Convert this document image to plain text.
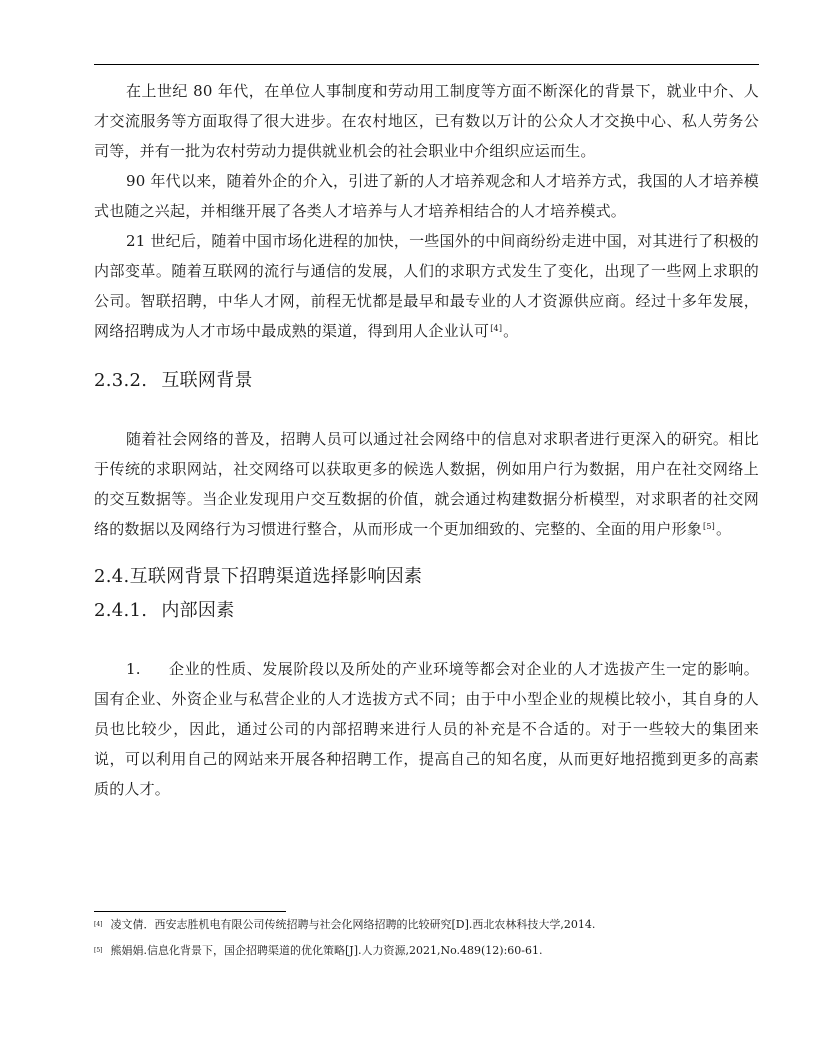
在上世纪 80 年代，在单位人事制度和劳动用工制度等方面不断深化的背景下，就业中介、人才交流服务等方面取得了很大进步。在农村地区，已有数以万计的公众人才交换中心、私人劳务公司等，并有一批为农村劳动力提供就业机会的社会职业中介组织应运而生。

90 年代以来，随着外企的介入，引进了新的人才培养观念和人才培养方式，我国的人才培养模式也随之兴起，并相继开展了各类人才培养与人才培养相结合的人才培养模式。

21 世纪后，随着中国市场化进程的加快，一些国外的中间商纷纷走进中国，对其进行了积极的内部变革。随着互联网的流行与通信的发展，人们的求职方式发生了变化，出现了一些网上求职的公司。智联招聘，中华人才网，前程无忧都是最早和最专业的人才资源供应商。经过十多年发展，网络招聘成为人才市场中最成熟的渠道，得到用人企业认可[4]。

2.3.2. 互联网背景

随着社会网络的普及，招聘人员可以通过社会网络中的信息对求职者进行更深入的研究。相比于传统的求职网站，社交网络可以获取更多的候选人数据，例如用户行为数据，用户在社交网络上的交互数据等。当企业发现用户交互数据的价值，就会通过构建数据分析模型，对求职者的社交网络的数据以及网络行为习惯进行整合，从而形成一个更加细致的、完整的、全面的用户形象[5]。

2.4.互联网背景下招聘渠道选择影响因素
2.4.1. 内部因素

1. 企业的性质、发展阶段以及所处的产业环境等都会对企业的人才选拔产生一定的影响。国有企业、外资企业与私营企业的人才选拔方式不同；由于中小型企业的规模比较小，其自身的人员也比较少，因此，通过公司的内部招聘来进行人员的补充是不合适的。对于一些较大的集团来说，可以利用自己的网站来开展各种招聘工作，提高自己的知名度，从而更好地招揽到更多的高素质的人才。

[4] 凌文倩．西安志胜机电有限公司传统招聘与社会化网络招聘的比较研究[D].西北农林科技大学,2014.

[5] 熊娟娟.信息化背景下，国企招聘渠道的优化策略[J].人力资源,2021,No.489(12):60-61.
